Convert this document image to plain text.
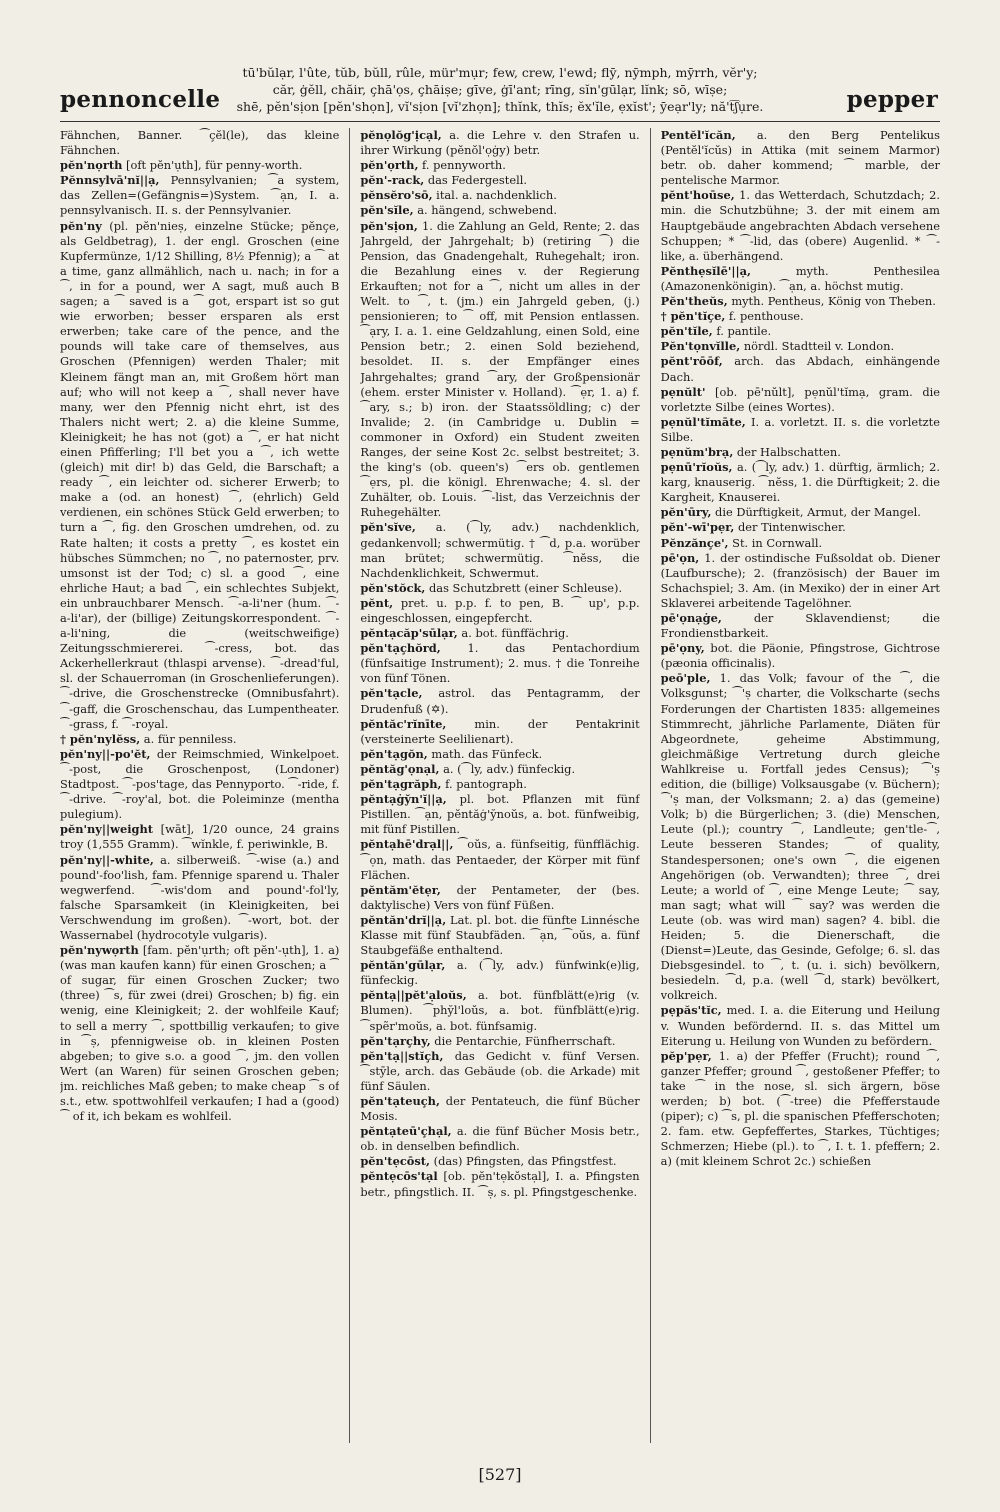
tū'bŭlạr, l'ûte, tŭb, bŭll, rûle, mür'mụr; few, crew, l'ewd; flȳ, nȳmph, mȳrrh, vĕr'y;
căr, ġĕll, chăir, çhā'ọs, çhāiṣe; gīve, ġī'ant; rīng, sĭn'gūlạr, lĭnk; sō, wīṣe;
shē, pĕn'sịon [pĕn'shọn], vĭ'sịon [vĭ'zhọn]; thĭnk, thĭs; ĕx'ĭle, ẹxĭst'; ȳeạr'ly; nă't͡ʃụre.
pennoncelle	pepper

Fähnchen, Banner. ⁀çĕl(le), das kleine Fähnchen.

pĕn'nọrth [oft pĕn'ụth], für penny-worth.

Pĕnnsylvā'nĭ||ạ, Pennsylvanien; ⁀a system, das Zellen=(Gefängnis=)System. ⁀ạn, I. a. pennsylvanisch. II. s. der Pennsylvanier.

pĕn'ny (pl. pĕn'nieṣ, einzelne Stücke; pĕnçe, als Geldbetrag), 1. der engl. Groschen (eine Kupfermünze, 1/12 Shilling, 8½ Pfennig); a ⁀ at a time, ganz allmählich, nach u. nach; in for a ⁀, in for a pound, wer A sagt, muß auch B sagen; a ⁀ saved is a ⁀ got, erspart ist so gut wie erworben; besser ersparen als erst erwerben; take care of the pence, and the pounds will take care of themselves, aus Groschen (Pfennigen) werden Thaler; mit Kleinem fängt man an, mit Großem hört man auf; who will not keep a ⁀, shall never have many, wer den Pfennig nicht ehrt, ist des Thalers nicht wert; 2. a) die kleine Summe, Kleinigkeit; he has not (got) a ⁀, er hat nicht einen Pfifferling; I'll bet you a ⁀, ich wette (gleich) mit dir! b) das Geld, die Barschaft; a ready ⁀, ein leichter od. sicherer Erwerb; to make a (od. an honest) ⁀, (ehrlich) Geld verdienen, ein schönes Stück Geld erwerben; to turn a ⁀, fig. den Groschen umdrehen, od. zu Rate halten; it costs a pretty ⁀, es kostet ein hübsches Sümmchen; no ⁀, no paternoster, prv. umsonst ist der Tod; c) sl. a good ⁀, eine ehrliche Haut; a bad ⁀, ein schlechtes Subjekt, ein unbrauchbarer Mensch. ⁀-a-li'ner (hum. ⁀-a-li'ar), der (billige) Zeitungskorrespondent. ⁀-a-li'ning, die (weitschweifige) Zeitungsschmiererei. ⁀-cress, bot. das Ackerhellerkraut (thlaspi arvense). ⁀-dread'ful, sl. der Schauerroman (in Groschenlieferungen). ⁀-drive, die Groschenstrecke (Omnibusfahrt). ⁀-gaff, die Groschenschau, das Lumpentheater. ⁀-grass, f. ⁀-royal.

† pĕn'nylĕss, a. für penniless.

pĕn'ny||-po'ĕt, der Reimschmied, Winkelpoet. ⁀-post, die Groschenpost, (Londoner) Stadtpost. ⁀-pos'tage, das Pennyporto. ⁀-ride, f. ⁀-drive. ⁀-roy'al, bot. die Poleiminze (mentha pulegium).

pĕn'ny||weight [wāt], 1/20 ounce, 24 grains troy (1,555 Gramm). ⁀wĭnkle, f. periwinkle, B.

pĕn'ny||-white, a. silberweiß. ⁀-wise (a.) and pound'-foo'lish, fam. Pfennige sparend u. Thaler wegwerfend. ⁀-wis'dom and pound'-fol'ly, falsche Sparsamkeit (in Kleinigkeiten, bei Verschwendung im großen). ⁀-wort, bot. der Wassernabel (hydrocotyle vulgaris).

pĕn'nywọrth [fam. pĕn'ụrth; oft pĕn'-ụth], 1. a) (was man kaufen kann) für einen Groschen; a ⁀ of sugar, für einen Groschen Zucker; two (three) ⁀s, für zwei (drei) Groschen; b) fig. ein wenig, eine Kleinigkeit; 2. der wohlfeile Kauf; to sell a merry ⁀, spottbillig verkaufen; to give in ⁀ṣ, pfennigweise ob. in kleinen Posten abgeben; to give s.o. a good ⁀, jm. den vollen Wert (an Waren) für seinen Groschen geben; jm. reichliches Maß geben; to make cheap ⁀s of s.t., etw. spottwohlfeil verkaufen; I had a (good) ⁀ of it, ich bekam es wohlfeil.

pĕnọlŏg'ịcạl, a. die Lehre v. den Strafen u. ihrer Wirkung (pĕnŏl'ọġy) betr.

pĕn'ọrth, f. pennyworth.

pĕn'-rack, das Federgestell.

pĕnsĕro'sō, ital. a. nachdenklich.

pĕn'sĭle, a. hängend, schwebend.

pĕn'sịon, 1. die Zahlung an Geld, Rente; 2. das Jahrgeld, der Jahrgehalt; b) (retiring ⁀) die Pension, das Gnadengehalt, Ruhegehalt; iron. die Bezahlung eines v. der Regierung Erkauften; not for a ⁀, nicht um alles in der Welt. to ⁀, t. (jm.) ein Jahrgeld geben, (j.) pensionieren; to ⁀ off, mit Pension entlassen. ⁀ạry, I. a. 1. eine Geldzahlung, einen Sold, eine Pension betr.; 2. einen Sold beziehend, besoldet. II. s. der Empfänger eines Jahrgehaltes; grand ⁀ary, der Großpensionär (ehem. erster Minister v. Holland). ⁀ẹr, 1. a) f. ⁀ary, s.; b) iron. der Staatssöldling; c) der Invalide; 2. (in Cambridge u. Dublin = commoner in Oxford) ein Student zweiten Ranges, der seine Kost 2c. selbst bestreitet; 3. the king's (ob. queen's) ⁀ers ob. gentlemen ⁀ẹrs, pl. die königl. Ehrenwache; 4. sl. der Zuhälter, ob. Louis. ⁀-list, das Verzeichnis der Ruhegehälter.

pĕn'sĭve, a. (⁀ly, adv.) nachdenklich, gedankenvoll; schwermütig. † ⁀d, p.a. worüber man brütet; schwermütig. ⁀nĕss, die Nachdenklichkeit, Schwermut.

pĕn'stŏck, das Schutzbrett (einer Schleuse).

pĕnt, pret. u. p.p. f. to pen, B. ⁀ up', p.p. eingeschlossen, eingepfercht.

pĕntạcăp'sūlạr, a. bot. fünffächrig.

pĕn'tạçhŏrd, 1. das Pentachordium (fünfsaitige Instrument); 2. mus. † die Tonreihe von fünf Tönen.

pĕn'tạcle, astrol. das Pentagramm, der Drudenfuß (✡).

pĕntăc'rĭnīte, min. der Pentakrinit (versteinerte Seelilienart).

pĕn'tạgŏn, math. das Fünfeck.

pĕntăg'ọnạl, a. (⁀ly, adv.) fünfeckig.

pĕn'tạgrăph, f. pantograph.

pĕntạġy̆n'ĭ||ạ, pl. bot. Pflanzen mit fünf Pistillen. ⁀ạn, pĕntăġ'y̆noŭs, a. bot. fünfweibig, mit fünf Pistillen.

pĕntạhē'drạl||, ⁀oŭs, a. fünfseitig, fünfflächig. ⁀ọn, math. das Pentaeder, der Körper mit fünf Flächen.

pĕntăm'ĕtẹr, der Pentameter, der (bes. daktylische) Vers von fünf Füßen.

pĕntăn'drĭ||ạ, Lat. pl. bot. die fünfte Linnésche Klasse mit fünf Staubfäden. ⁀ạn, ⁀oŭs, a. fünf Staubgefäße enthaltend.

pĕntăn'gūlạr, a. (⁀ly, adv.) fünfwink(e)lig, fünfeckig.

pĕntạ||pĕt'ạloŭs, a. bot. fünfblätt(e)rig (v. Blumen). ⁀phy̆l'loŭs, a. bot. fünfblätt(e)rig. ⁀spẽr'moŭs, a. bot. fünfsamig.

pĕn'tạrçhy, die Pentarchie, Fünfherrschaft.

pĕn'tạ||stĭçh, das Gedicht v. fünf Versen. ⁀stȳle, arch. das Gebäude (ob. die Arkade) mit fünf Säulen.

pĕn'tạteuçh, der Pentateuch, die fünf Bücher Mosis.

pĕntạteū'çhạl, a. die fünf Bücher Mosis betr., ob. in denselben befindlich.

pĕn'tẹcōst, (das) Pfingsten, das Pfingstfest.

pĕntẹcōs'tạl [ob. pĕn'tẹkŏstạl], I. a. Pfingsten betr., pfingstlich. II. ⁀ṣ, s. pl. Pfingstgeschenke.

Pentĕl'ĭcăn, a. den Berg Pentelikus (Pentĕl'ĭcŭs) in Attika (mit seinem Marmor) betr. ob. daher kommend; ⁀ marble, der pentelische Marmor.

pĕnt'hoūse, 1. das Wetterdach, Schutzdach; 2. min. die Schutzbühne; 3. der mit einem am Hauptgebäude angebrachten Abdach versehene Schuppen; * ⁀-lid, das (obere) Augenlid. * ⁀-like, a. überhängend.

Pĕnthẹsĭlē'||ạ,	myth. Penthesilea (Amazonenkönigin). ⁀ạn, a. höchst mutig.

Pĕn'theŭs, myth. Pentheus, König von Theben.

† pĕn'tĭçe, f. penthouse.

pĕn'tĭle, f. pantile.

Pĕn'tọnvĭlle, nördl. Stadtteil v. London.

pĕnt'rōōf, arch. das Abdach, einhängende Dach.

pẹnŭlt' [ob. pē'nŭlt], pẹnŭl'tĭmạ, gram. die vorletzte Silbe (eines Wortes).

pẹnŭl'tĭmāte, I. a. vorletzt. II. s. die vorletzte Silbe.

pẹnŭm'brạ, der Halbschatten.

pẹnū'rĭoŭs, a. (⁀ly, adv.) 1. dürftig, ärmlich; 2. karg, knauserig. ⁀nĕss, 1. die Dürftigkeit; 2. die Kargheit, Knauserei.

pĕn'ūry, die Dürftigkeit, Armut, der Mangel.

pĕn'-wī'pẹr, der Tintenwischer.

Pĕnzănçe', St. in Cornwall.

pē'ọn, 1. der ostindische Fußsoldat ob. Diener (Laufbursche); 2. (französisch) der Bauer im Schachspiel; 3. Am. (in Mexiko) der in einer Art Sklaverei arbeitende Tagelöhner.

pē'ọnạġe,	der Sklavendienst; die Frondienstbarkeit.

pē'ọny, bot. die Päonie, Pfingstrose, Gichtrose (pæonia officinalis).

peō'ple, 1. das Volk; favour of the ⁀, die Volksgunst; ⁀'ṣ charter, die Volkscharte (sechs Forderungen der Chartisten 1835: allgemeines Stimmrecht, jährliche Parlamente, Diäten für Abgeordnete, geheime Abstimmung, gleichmäßige Vertretung durch gleiche Wahlkreise u. Fortfall jedes Census); ⁀'ṣ edition, die (billige) Volksausgabe (v. Büchern); ⁀'ṣ man, der Volksmann; 2. a) das (gemeine) Volk; b) die Bürgerlichen; 3. (die) Menschen, Leute (pl.); country ⁀, Landleute; gen'tle-⁀, Leute besseren Standes; ⁀ of quality, Standespersonen; one's own ⁀, die eigenen Angehörigen (ob. Verwandten); three ⁀, drei Leute; a world of ⁀, eine Menge Leute; ⁀ say, man sagt; what will ⁀ say? was werden die Leute (ob. was wird man) sagen? 4. bibl. die Heiden; 5. die Dienerschaft, die (Dienst=)Leute, das Gesinde, Gefolge; 6. sl. das Diebsgesindel. to ⁀, t. (u. i. sich) bevölkern, besiedeln. ⁀d, p.a. (well ⁀d, stark) bevölkert, volkreich.

pẹpăs'tĭc, med. I. a. die Eiterung und Heilung v. Wunden befördernd. II. s. das Mittel um Eiterung u. Heilung von Wunden zu befördern.

pĕp'pẹr, 1. a) der Pfeffer (Frucht); round ⁀, ganzer Pfeffer; ground ⁀, gestoßener Pfeffer; to take ⁀ in the nose, sl. sich ärgern, böse werden; b) bot. (⁀-tree) die Pfefferstaude (piper); c) ⁀s, pl. die spanischen Pfefferschoten; 2. fam. etw. Gepfeffertes, Starkes, Tüchtiges; Schmerzen; Hiebe (pl.). to ⁀, I. t. 1. pfeffern; 2. a) (mit kleinem Schrot 2c.) schießen

[527]
